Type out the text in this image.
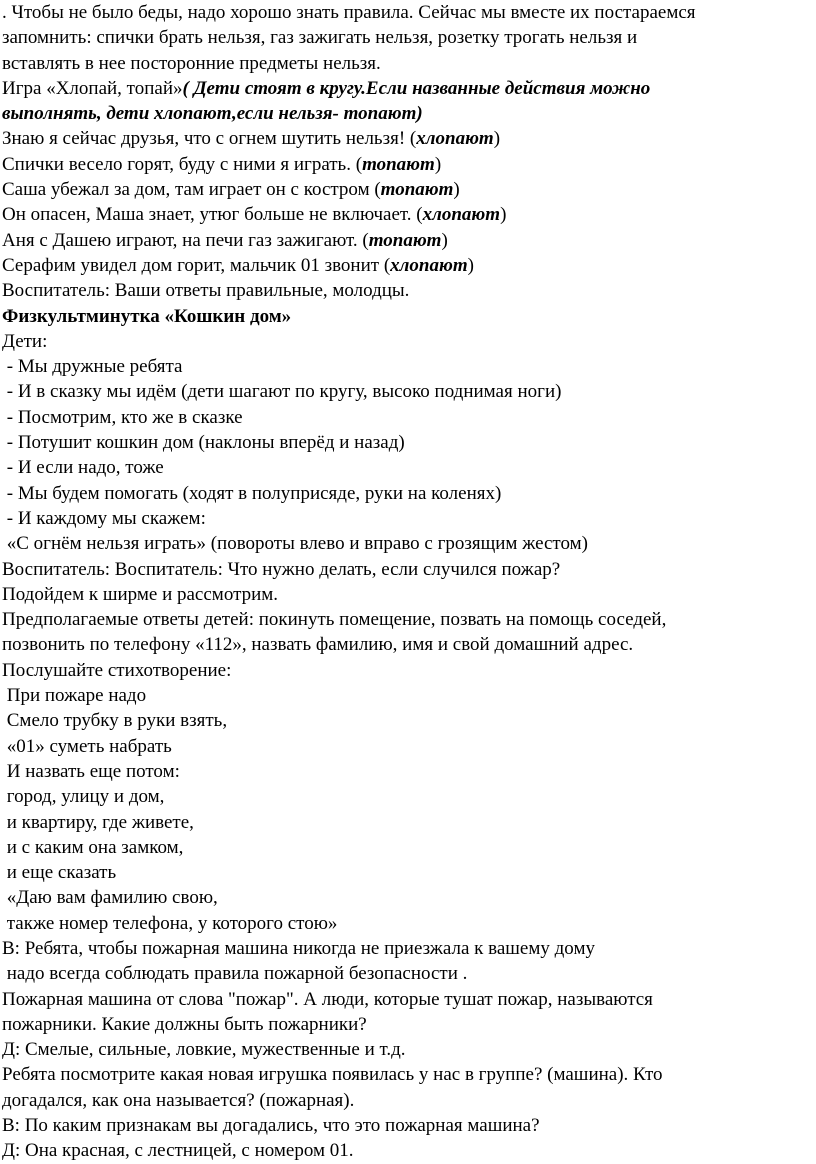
. Чтобы не было беды, надо хорошо знать правила. Сейчас мы вместе их постараемся

запомнить: спички брать нельзя, газ зажигать нельзя, розетку трогать нельзя и

вставлять в нее посторонние предметы нельзя.

Игра «Хлопай, топай»( Дети стоят в кругу.Если названные действия можно

выполнять, дети хлопают,если нельзя- топают)

Знаю я сейчас друзья, что с огнем шутить нельзя! (хлопают)

Спички весело горят, буду с ними я играть. (топают)

Саша убежал за дом, там играет он с костром (топают)

Он опасен, Маша знает, утюг больше не включает. (хлопают)

Аня с Дашею играют, на печи газ зажигают. (топают)

Серафим увидел дом горит, мальчик 01 звонит (хлопают)

Воспитатель: Ваши ответы правильные, молодцы.

Физкультминутка «Кошкин дом»

Дети:

- Мы дружные ребята

- И в сказку мы идём (дети шагают по кругу, высоко поднимая ноги)

- Посмотрим, кто же в сказке

- Потушит кошкин дом (наклоны вперёд и назад)

- И если надо, тоже

- Мы будем помогать (ходят в полуприсяде, руки на коленях)

- И каждому мы скажем:

«С огнём нельзя играть» (повороты влево и вправо с грозящим жестом)

Воспитатель: Воспитатель: Что нужно делать, если случился пожар?

Подойдем к ширме и рассмотрим.

Предполагаемые ответы детей: покинуть помещение, позвать на помощь соседей,

позвонить по телефону «112», назвать фамилию, имя и свой домашний адрес.

Послушайте стихотворение:

При пожаре надо

Смело трубку в руки взять,

«01» суметь набрать

И назвать еще потом:

город, улицу и дом,

и квартиру, где живете,

и с каким она замком,

и еще сказать

«Даю вам фамилию свою,

также номер телефона, у которого стою»

В: Ребята, чтобы пожарная машина никогда не приезжала к вашему дому

надо всегда соблюдать правила пожарной безопасности .

Пожарная машина от слова "пожар". А люди, которые тушат пожар, называются

пожарники. Какие должны быть пожарники?

Д: Смелые, сильные, ловкие, мужественные и т.д.

Ребята посмотрите какая новая игрушка появилась у нас в группе? (машина). Кто

догадался, как она называется? (пожарная).

В: По каким признакам вы догадались, что это пожарная машина?

Д: Она красная, с лестницей, с номером 01.
